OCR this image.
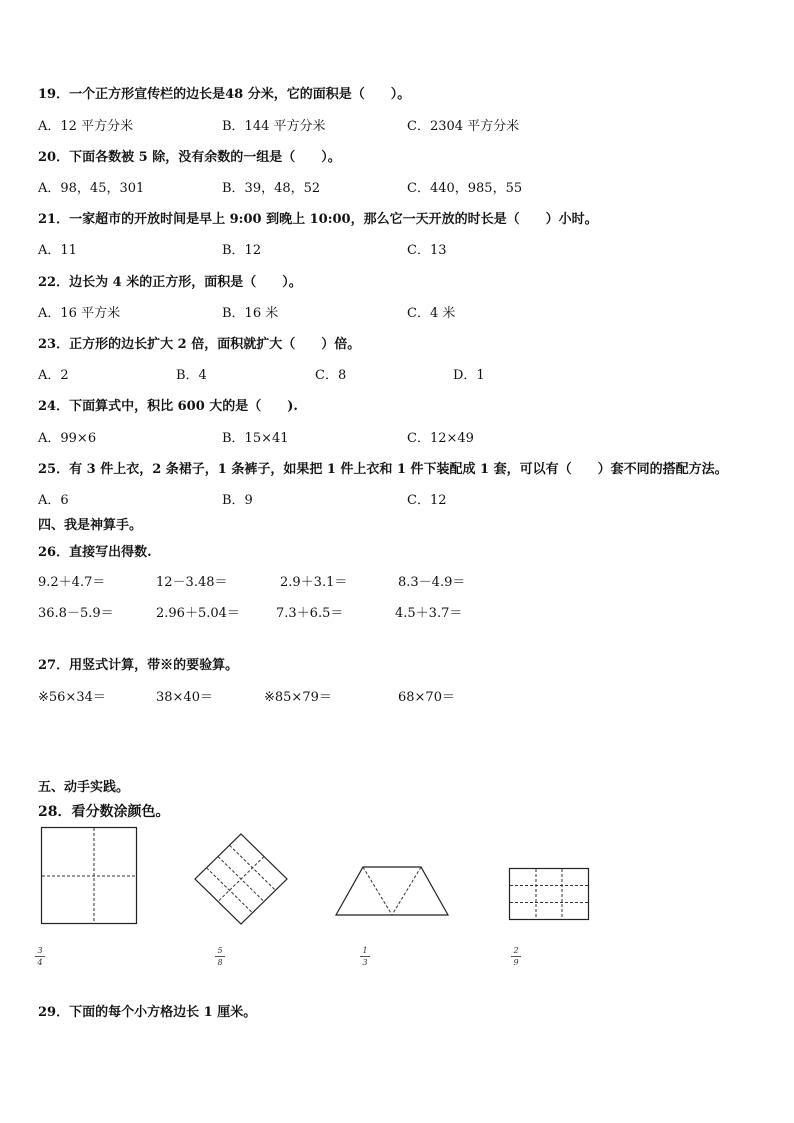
19．一个正方形宣传栏的边长是48 分米，它的面积是（　　）。
A．12 平方分米	B．144 平方分米	C．2304 平方分米
20．下面各数被 5 除，没有余数的一组是（　　）。
A．98，45，301	B．39，48，52	C．440，985，55
21．一家超市的开放时间是早上 9:00 到晚上 10:00，那么它一天开放的时长是（　　）小时。
A．11	B．12	C．13
22．边长为 4 米的正方形，面积是（　　）。
A．16 平方米	B．16 米	C．4 米
23．正方形的边长扩大 2 倍，面积就扩大（　　）倍。
A．2	B．4	C．8	D．1
24．下面算式中，积比 600 大的是（　　).
A．99×6	B．15×41	C．12×49
25．有 3 件上衣，2 条裙子，1 条裤子，如果把 1 件上衣和 1 件下装配成 1 套，可以有（　　）套不同的搭配方法。
A．6	B．9	C．12
四、我是神算手。
26．直接写出得数.
9.2＋4.7＝	12－3.48＝	2.9＋3.1＝	8.3－4.9＝
36.8－5.9＝	2.96＋5.04＝	7.3＋6.5＝	4.5＋3.7＝
27．用竖式计算，带※的要验算。
※56×34＝	38×40＝	※85×79＝	68×70＝
五、动手实践。
28．看分数涂颜色。
3
4
5
8
1
3
2
9
29．下面的每个小方格边长 1 厘米。
